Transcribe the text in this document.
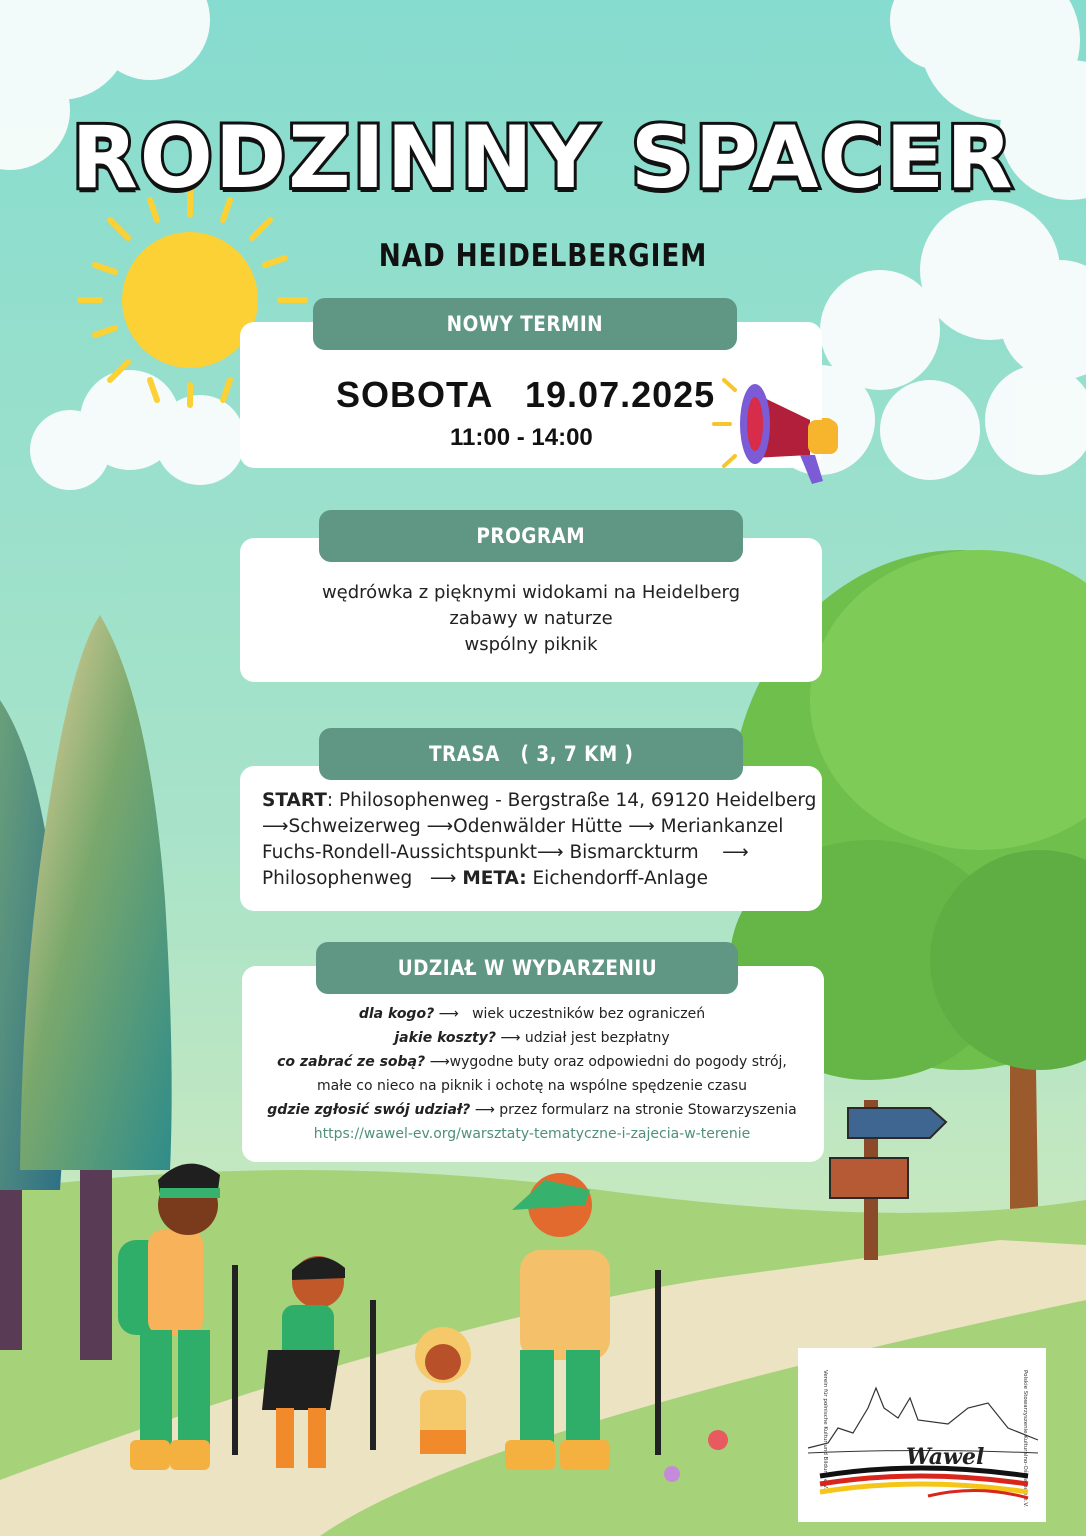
RODZINNY SPACER
NAD HEIDELBERGIEM
NOWY TERMIN
SOBOTA   19.07.2025
11:00 - 14:00
PROGRAM
wędrówka z pięknymi widokami na Heidelberg
zabawy w naturze
wspólny piknik
TRASA   ( 3, 7 KM )
START: Philosophenweg - Bergstraße 14, 69120 Heidelberg
⟶Schweizerweg ⟶Odenwälder Hütte ⟶ Meriankanzel
Fuchs-Rondell-Aussichtspunkt⟶ Bismarckturm    ⟶
Philosophenweg   ⟶ META: Eichendorff-Anlage
UDZIAŁ W WYDARZENIU
dla kogo? ⟶   wiek uczestników bez ograniczeń
jakie koszty? ⟶ udział jest bezpłatny
co zabrać ze sobą? ⟶wygodne buty oraz odpowiedni do pogody strój,
małe co nieco na piknik i ochotę na wspólne spędzenie czasu
gdzie zgłosić swój udział? ⟶ przez formularz na stronie Stowarzyszenia
https://wawel-ev.org/warsztaty-tematyczne-i-zajecia-w-terenie
Verein für polnische Kultur und Bildung e.V.	Polskie Stowarzyszenie Kulturalno-Oświatowe e.V.
Wawel
